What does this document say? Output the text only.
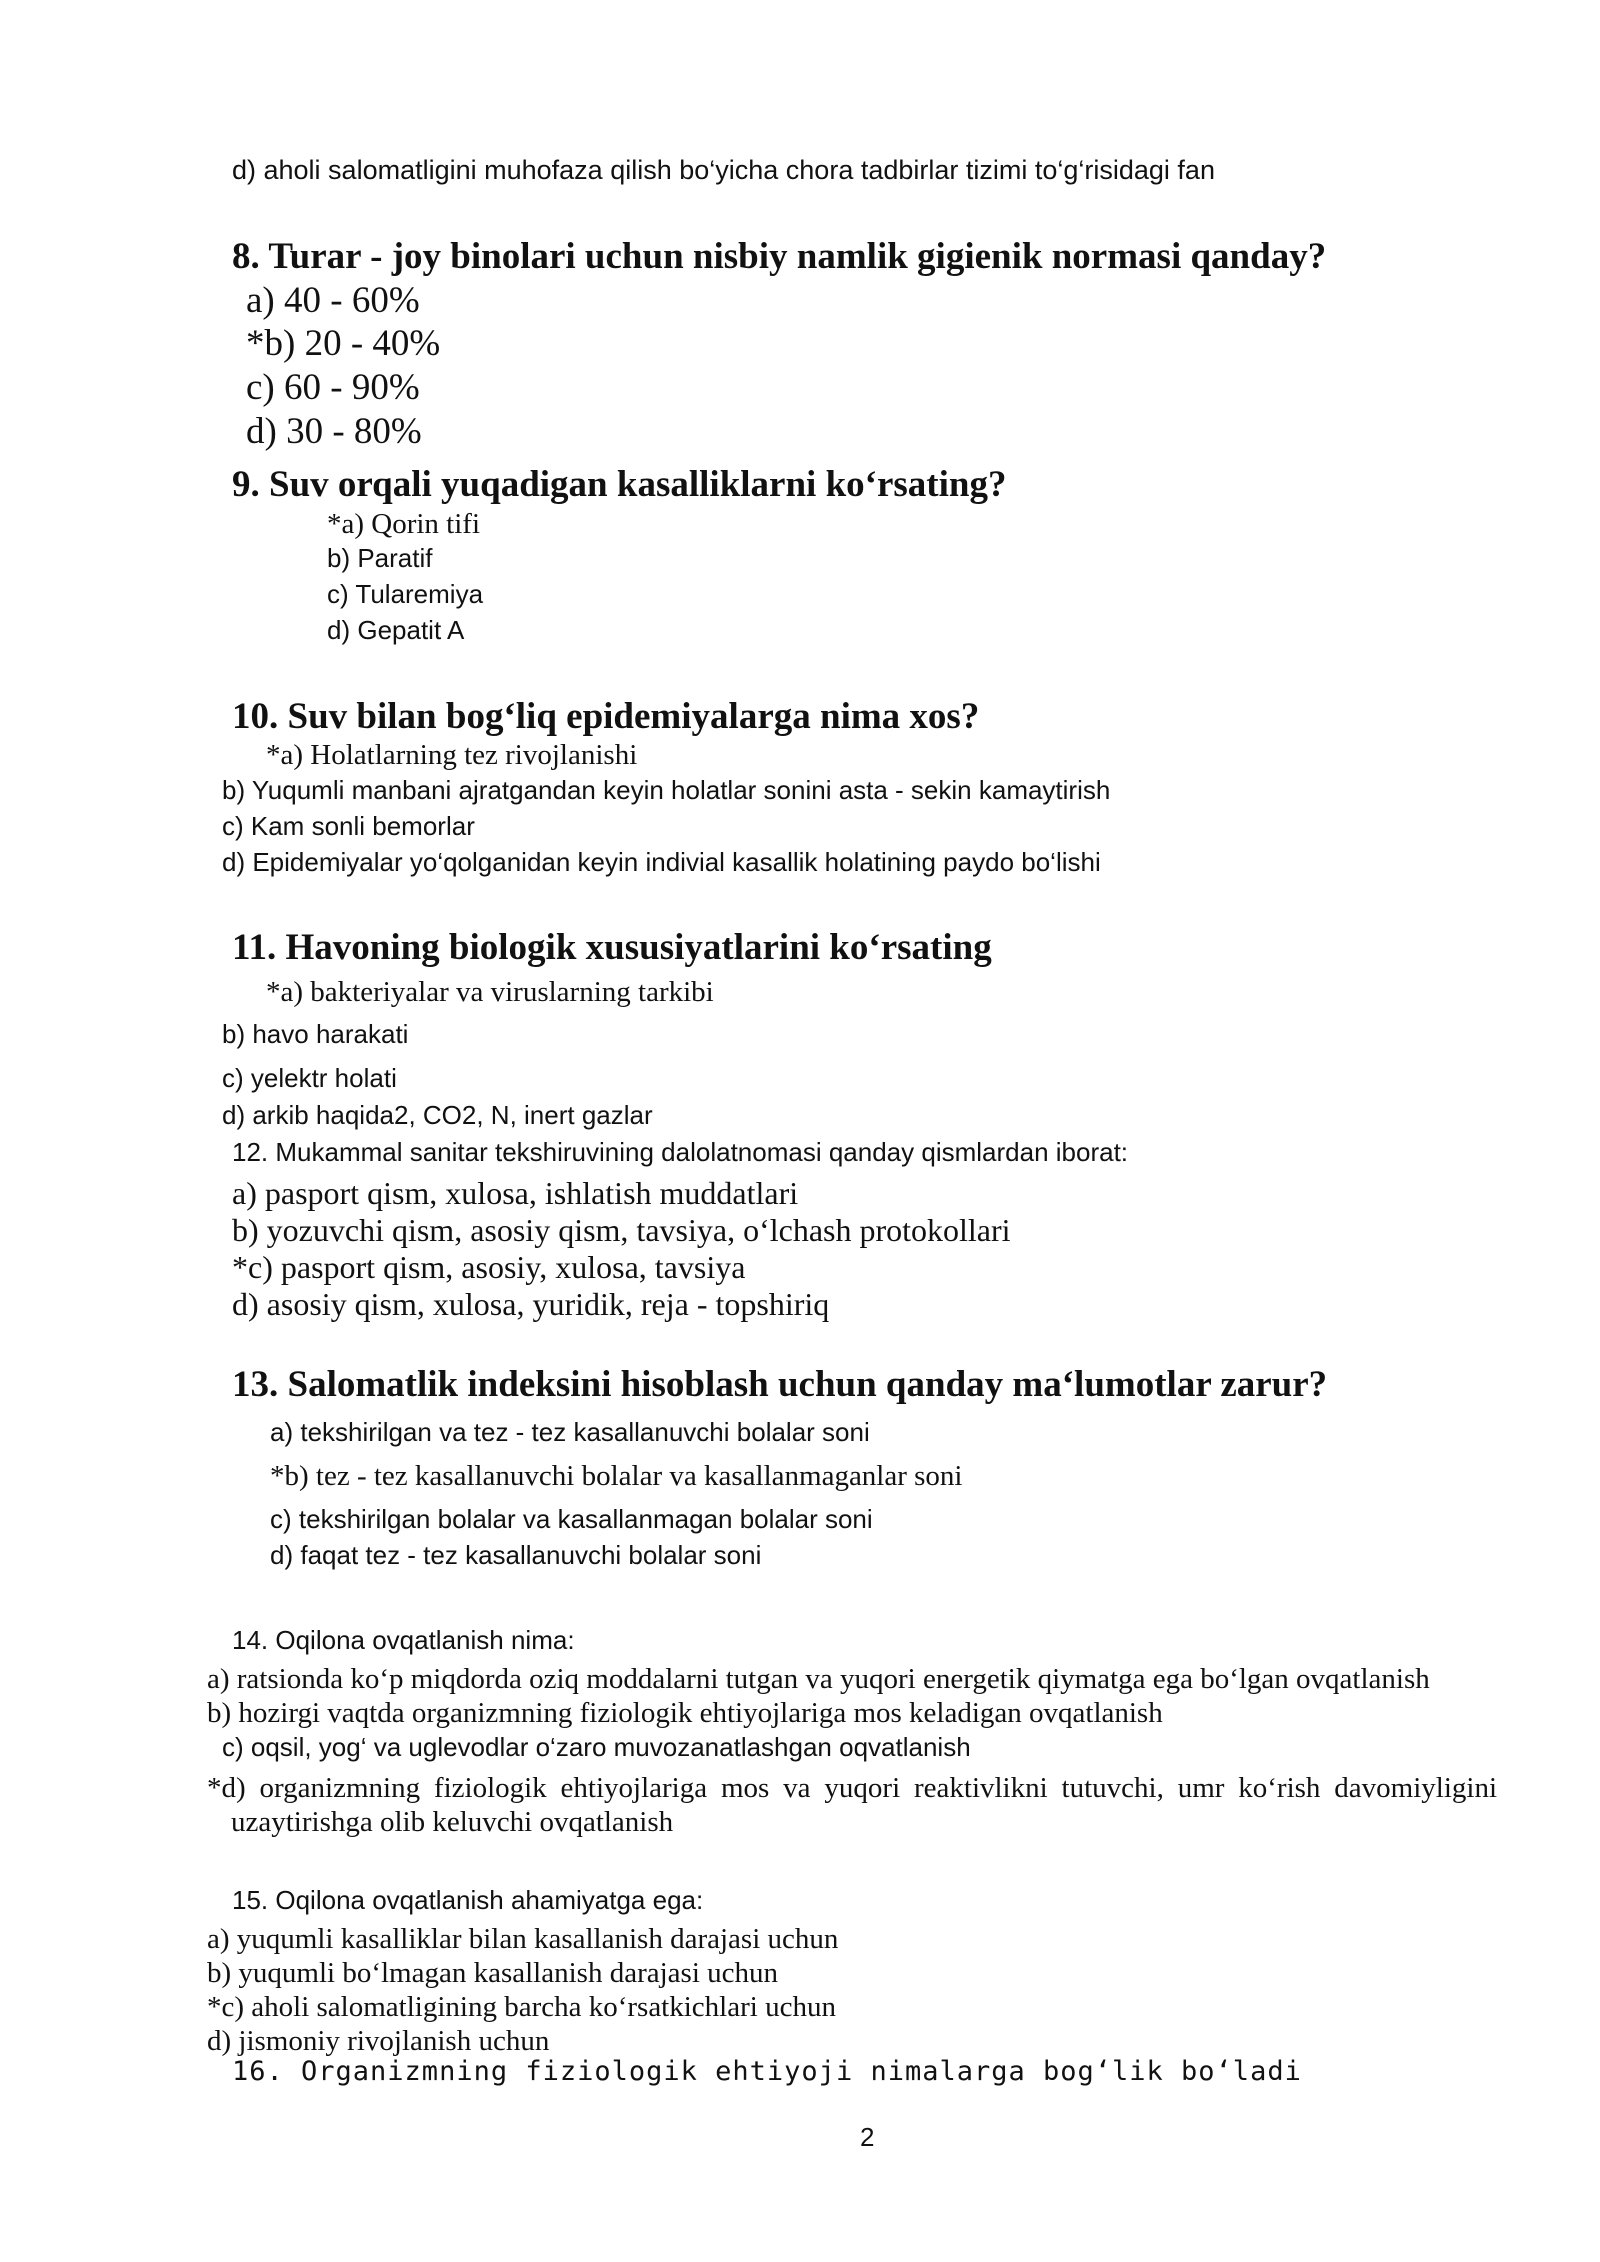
d) aholi salomatligini muhofaza qilish bo‘yicha chora tadbirlar tizimi to‘g‘risidagi fan
8. Turar - joy binolari uchun nisbiy namlik gigienik normasi qanday?
a) 40 - 60%
*b) 20 - 40%
c) 60 - 90%
d) 30 - 80%
9. Suv orqali yuqadigan kasalliklarni ko‘rsating?
*a) Qorin tifi
b) Paratif
c) Tularemiya
d) Gepatit A
10. Suv bilan bog‘liq epidemiyalarga nima xos?
*a) Holatlarning tez rivojlanishi
b) Yuqumli manbani ajratgandan keyin holatlar sonini asta - sekin kamaytirish
c) Kam sonli bemorlar
d) Epidemiyalar yo‘qolganidan keyin indivial kasallik holatining paydo bo‘lishi
11. Havoning biologik xususiyatlarini ko‘rsating
*a) bakteriyalar va viruslarning tarkibi
b) havo harakati
c) yelektr holati
d) arkib haqida2, CO2, N, inert gazlar
12. Mukammal sanitar tekshiruvining dalolatnomasi qanday qismlardan iborat:
a) pasport qism, xulosa, ishlatish muddatlari
b) yozuvchi qism, asosiy qism, tavsiya, o‘lchash protokollari
*c) pasport qism, asosiy, xulosa, tavsiya
d) asosiy qism, xulosa, yuridik, reja - topshiriq
13. Salomatlik indeksini hisoblash uchun qanday ma‘lumotlar zarur?
a) tekshirilgan va tez - tez kasallanuvchi bolalar soni
*b) tez - tez kasallanuvchi bolalar va kasallanmaganlar soni
c) tekshirilgan bolalar va kasallanmagan bolalar soni
d) faqat tez - tez kasallanuvchi bolalar soni
14. Oqilona ovqatlanish nima:
a) ratsionda ko‘p miqdorda oziq moddalarni tutgan va yuqori energetik qiymatga ega bo‘lgan ovqatlanish
b) hozirgi vaqtda organizmning fiziologik ehtiyojlariga mos keladigan ovqatlanish
c) oqsil, yog‘ va uglevodlar o‘zaro muvozanatlashgan oqvatlanish
*d) organizmning fiziologik ehtiyojlariga mos va yuqori reaktivlikni tutuvchi, umr ko‘rish davomiyligini uzaytirishga olib keluvchi ovqatlanish
15. Oqilona ovqatlanish ahamiyatga ega:
a) yuqumli kasalliklar bilan kasallanish darajasi uchun
b) yuqumli bo‘lmagan kasallanish darajasi uchun
*c) aholi salomatligining barcha ko‘rsatkichlari uchun
d) jismoniy rivojlanish uchun
16. Organizmning fiziologik ehtiyoji nimalarga bog‘lik bo‘ladi
2
